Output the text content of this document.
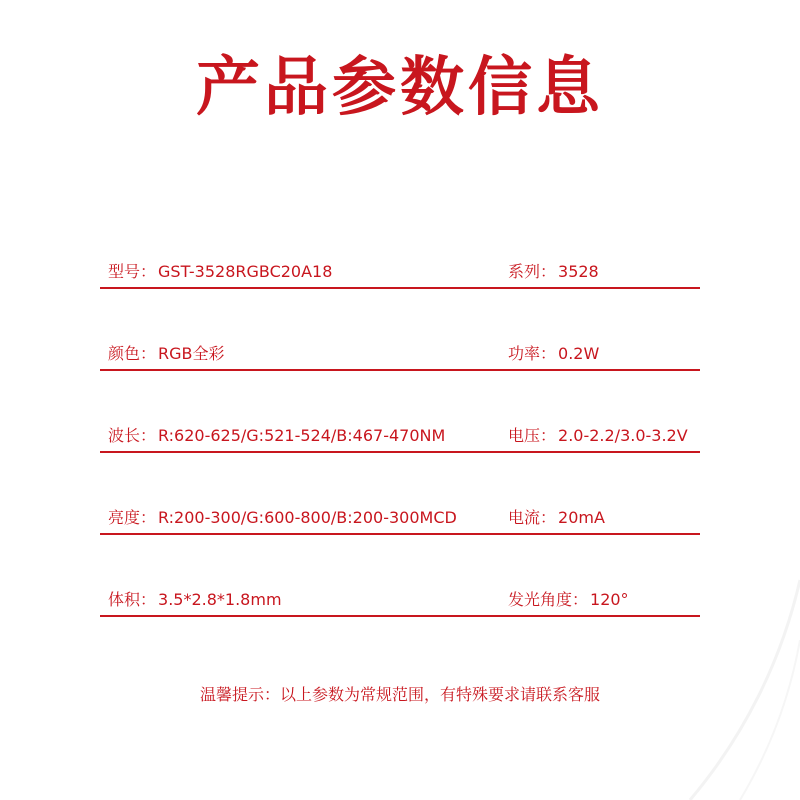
产品参数信息
型号： GST-3528RGBC20A18	系列： 3528
颜色： RGB全彩	功率： 0.2W
波长： R:620-625/G:521-524/B:467-470NM	电压： 2.0-2.2/3.0-3.2V
亮度： R:200-300/G:600-800/B:200-300MCD	电流： 20mA
体积： 3.5*2.8*1.8mm	发光角度： 120°
温馨提示：以上参数为常规范围，有特殊要求请联系客服
